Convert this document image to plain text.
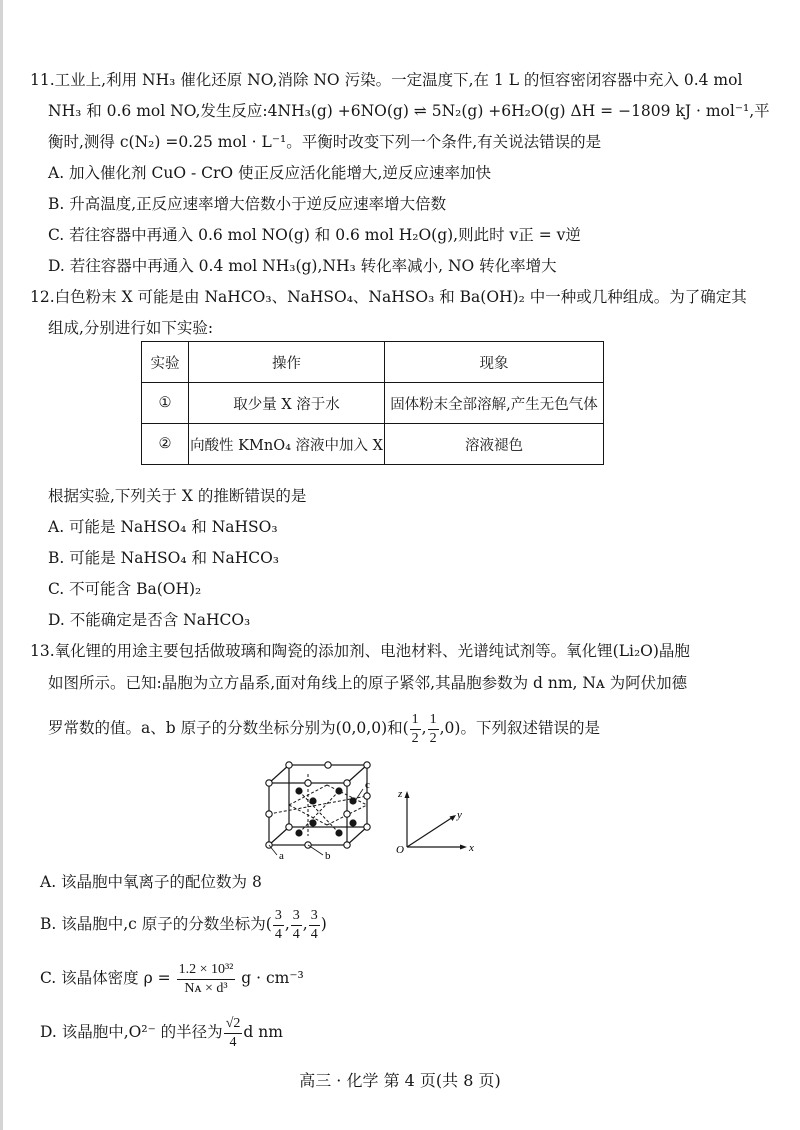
11.工业上,利用 NH₃ 催化还原 NO,消除 NO 污染。一定温度下,在 1 L 的恒容密闭容器中充入 0.4 mol
NH₃ 和 0.6 mol NO,发生反应:4NH₃(g) +6NO(g) ⇌ 5N₂(g) +6H₂O(g) ΔH = −1809 kJ · mol⁻¹,平
衡时,测得 c(N₂) =0.25 mol · L⁻¹。平衡时改变下列一个条件,有关说法错误的是
A. 加入催化剂 CuO - CrO 使正反应活化能增大,逆反应速率加快
B. 升高温度,正反应速率增大倍数小于逆反应速率增大倍数
C. 若往容器中再通入 0.6 mol NO(g) 和 0.6 mol H₂O(g),则此时 v正 = v逆
D. 若往容器中再通入 0.4 mol NH₃(g),NH₃ 转化率减小, NO 转化率增大
12.白色粉末 X 可能是由 NaHCO₃、NaHSO₄、NaHSO₃ 和 Ba(OH)₂ 中一种或几种组成。为了确定其
组成,分别进行如下实验:
实验	操作	现象
①	取少量 X 溶于水	固体粉末全部溶解,产生无色气体
②	向酸性 KMnO₄ 溶液中加入 X	溶液褪色
根据实验,下列关于 X 的推断错误的是
A. 可能是 NaHSO₄ 和 NaHSO₃
B. 可能是 NaHSO₄ 和 NaHCO₃
C. 不可能含 Ba(OH)₂
D. 不能确定是否含 NaHCO₃
13.氧化锂的用途主要包括做玻璃和陶瓷的添加剂、电池材料、光谱纯试剂等。氧化锂(Li₂O)晶胞
如图所示。已知:晶胞为立方晶系,面对角线上的原子紧邻,其晶胞参数为 d nm, Nᴀ 为阿伏加德
罗常数的值。a、b 原子的分数坐标分别为(0,0,0)和( $\frac{1}{2}$ , $\frac{1}{2} ,0$)。下列叙述错误的是
a	b
c
z
y
x
O
A. 该晶胞中氧离子的配位数为 8
B. 该晶胞中,c 原子的分数坐标为( $\frac{3}{4}$ , $\frac{3}{4}$ , $\frac{3}{4}$ )
C. 该晶体密度 $\rho = \frac{\text{1.2 × 10³²}}{\text{Nᴀ × d³}}$ g · cm⁻³
D. 该晶胞中,O²⁻ 的半径为 $\frac{√2}{4}$ d nm
高三 · 化学 第 4 页(共 8 页)
